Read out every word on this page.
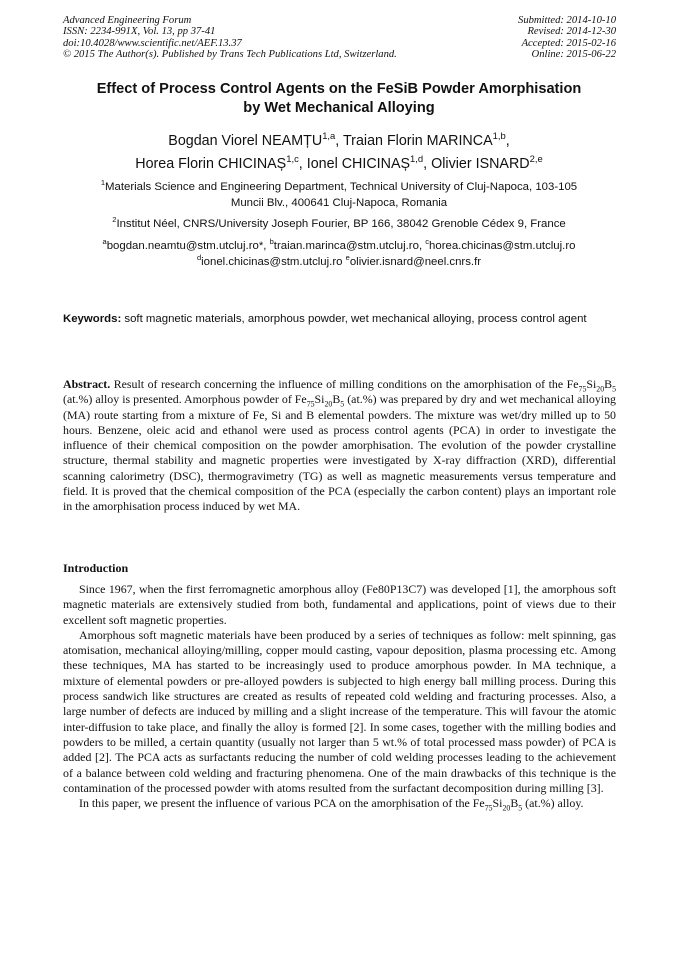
Advanced Engineering Forum
ISSN: 2234-991X, Vol. 13, pp 37-41
doi:10.4028/www.scientific.net/AEF.13.37
© 2015 The Author(s). Published by Trans Tech Publications Ltd, Switzerland.
Submitted: 2014-10-10
Revised: 2014-12-30
Accepted: 2015-02-16
Online: 2015-06-22
Effect of Process Control Agents on the FeSiB Powder Amorphisation
by Wet Mechanical Alloying
Bogdan Viorel NEAMȚU$^{1,a}$, Traian Florin MARINCA$^{1,b}$,
Horea Florin CHICINAȘ$^{1,c}$, Ionel CHICINAȘ$^{1,d}$, Olivier ISNARD$^{2,e}$
$^1$Materials Science and Engineering Department, Technical University of Cluj-Napoca, 103-105
Muncii Blv., 400641 Cluj-Napoca, Romania
$^2$Institut Néel, CNRS/University Joseph Fourier, BP 166, 38042 Grenoble Cédex 9, France
$^a$bogdan.neamtu@stm.utcluj.ro*, $^b$traian.marinca@stm.utcluj.ro, $^c$horea.chicinas@stm.utcluj.ro
$^d$ionel.chicinas@stm.utcluj.ro $^e$olivier.isnard@neel.cnrs.fr
Keywords: soft magnetic materials, amorphous powder, wet mechanical alloying, process control agent
Abstract. Result of research concerning the influence of milling conditions on the amorphisation of the $Fe_{75}Si_{20}B_5$ (at.%) alloy is presented. Amorphous powder of $Fe_{75}Si_{20}B_5$ (at.%) was prepared by dry and wet mechanical alloying (MA) route starting from a mixture of Fe, Si and B elemental powders. The mixture was wet/dry milled up to 50 hours. Benzene, oleic acid and ethanol were used as process control agents (PCA) in order to investigate the influence of their chemical composition on the powder amorphisation. The evolution of the powder crystalline structure, thermal stability and magnetic properties were investigated by X-ray diffraction (XRD), differential scanning calorimetry (DSC), thermogravimetry (TG) as well as magnetic measurements versus temperature and field. It is proved that the chemical composition of the PCA (especially the carbon content) plays an important role in the amorphisation process induced by wet MA.
Introduction

Since 1967, when the first ferromagnetic amorphous alloy (Fe80P13C7) was developed [1], the amorphous soft magnetic materials are extensively studied from both, fundamental and applications, point of views due to their excellent soft magnetic properties.

Amorphous soft magnetic materials have been produced by a series of techniques as follow: melt spinning, gas atomisation, mechanical alloying/milling, copper mould casting, vapour deposition, plasma processing etc. Among these techniques, MA has started to be increasingly used to produce amorphous powder. In MA technique, a mixture of elemental powders or pre-alloyed powders is subjected to high energy ball milling process. During this process sandwich like structures are created as results of repeated cold welding and fracturing processes. Also, a large number of defects are induced by milling and a slight increase of the temperature. This will favour the atomic inter-diffusion to take place, and finally the alloy is formed [2]. In some cases, together with the milling bodies and powders to be milled, a certain quantity (usually not larger than 5 wt.% of total processed mass powder) of PCA is added [2]. The PCA acts as surfactants reducing the number of cold welding processes leading to the achievement of a balance between cold welding and fracturing phenomena. One of the main drawbacks of this technique is the contamination of the processed powder with atoms resulted from the surfactant decomposition during milling [3].

In this paper, we present the influence of various PCA on the amorphisation of the $Fe_{75}Si_{20}B_5$ (at.%) alloy.
